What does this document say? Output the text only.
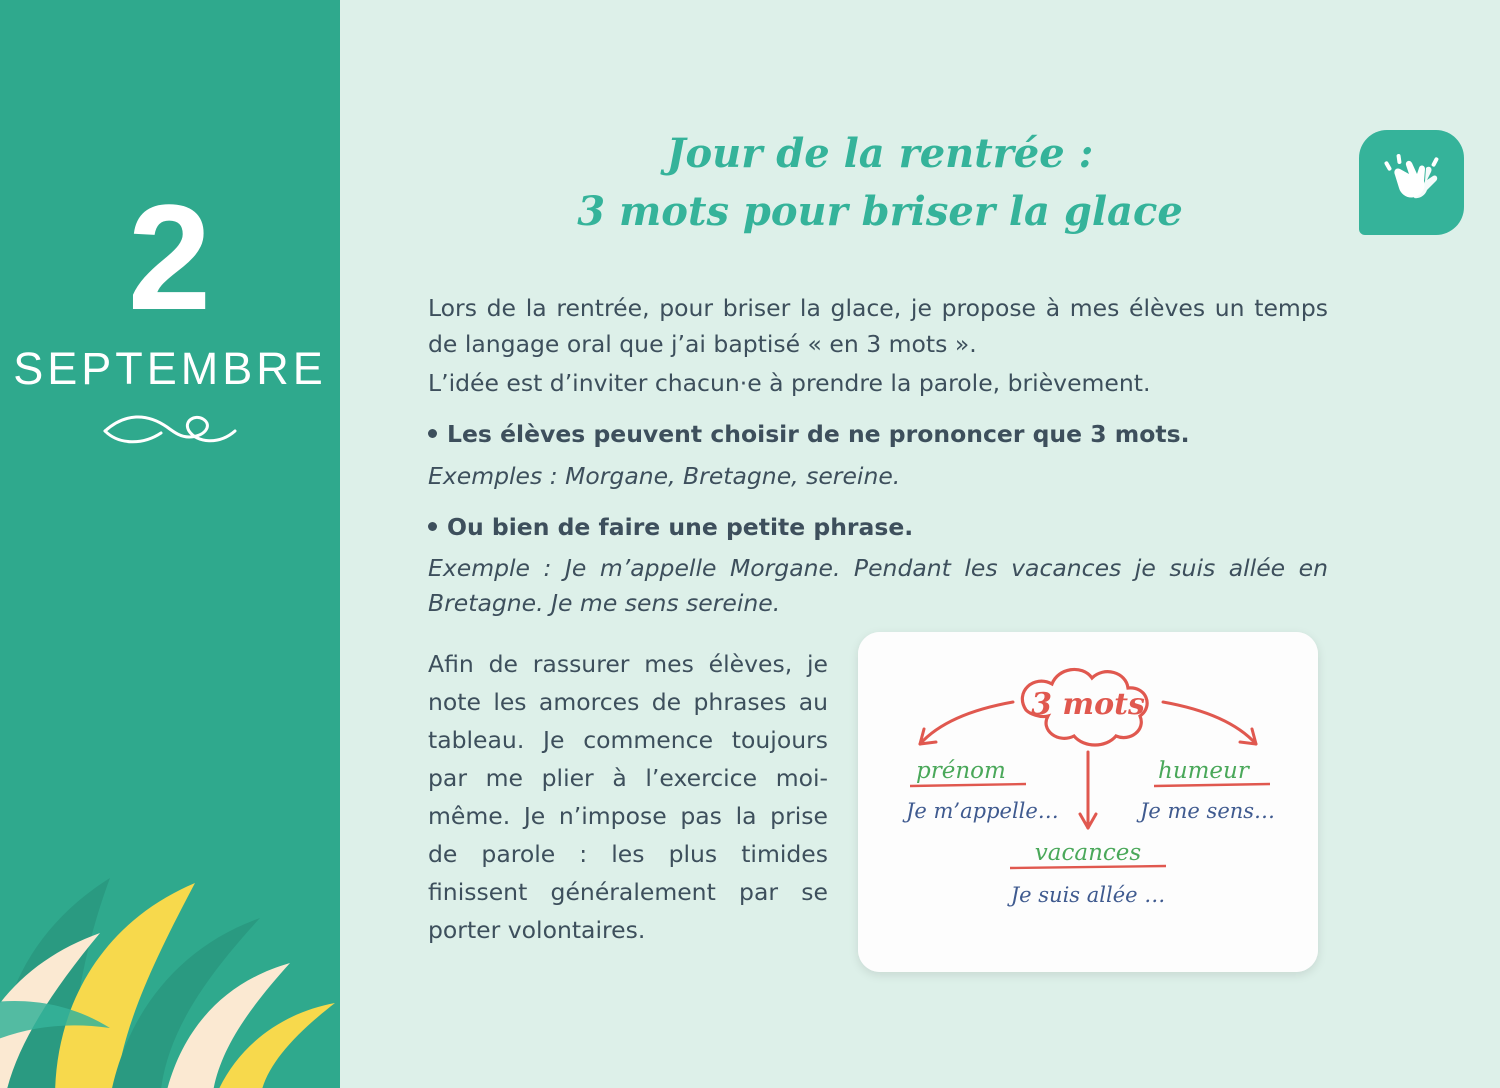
2
SEPTEMBRE
Jour de la rentrée :
3 mots pour briser la glace

Lors de la rentrée, pour briser la glace, je propose à mes élèves un temps de langage oral que j’ai baptisé « en 3 mots ».

L’idée est d’inviter chacun·e à prendre la parole, brièvement.

Les élèves peuvent choisir de ne prononcer que 3 mots.

Exemples : Morgane, Bretagne, sereine.

Ou bien de faire une petite phrase.

Exemple : Je m’appelle Morgane. Pendant les vacances je suis allée en Bretagne. Je me sens sereine.

Afin de rassurer mes élèves, je note les amorces de phrases au tableau. Je commence toujours par me plier à l’exercice moi-même. Je n’impose pas la prise de parole : les plus timides finissent généralement par se porter volontaires.
3 mots
prénom
Je m’appelle…
humeur
Je me sens…
vacances
Je suis allée …
